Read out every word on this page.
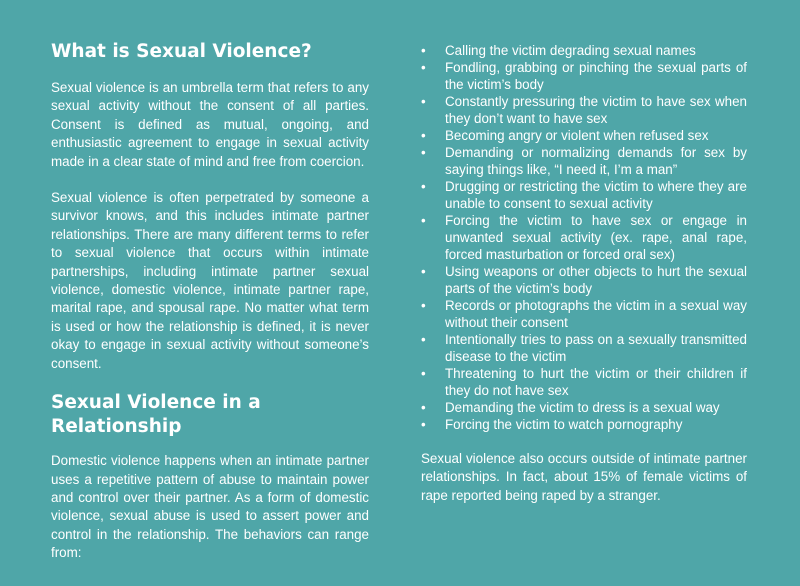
What is Sexual Violence?

Sexual violence is an umbrella term that refers to any sexual activity without the consent of all parties. Consent is defined as mutual, ongoing, and enthusiastic agreement to engage in sexual activity made in a clear state of mind and free from coercion.

Sexual violence is often perpetrated by someone a survivor knows, and this includes intimate partner relationships. There are many different terms to refer to sexual violence that occurs within intimate partnerships, including intimate partner sexual violence, domestic violence, intimate partner rape, marital rape, and spousal rape. No matter what term is used or how the relationship is defined, it is never okay to engage in sexual activity without someone’s consent.

Sexual Violence in a Relationship

Domestic violence happens when an intimate partner uses a repetitive pattern of abuse to maintain power and control over their partner. As a form of domestic violence, sexual abuse is used to assert power and control in the relationship. The behaviors can range from:

• Calling the victim degrading sexual names
• Fondling, grabbing or pinching the sexual parts of the victim’s body
• Constantly pressuring the victim to have sex when they don’t want to have sex
• Becoming angry or violent when refused sex
• Demanding or normalizing demands for sex by saying things like, “I need it, I’m a man”
• Drugging or restricting the victim to where they are unable to consent to sexual activity
• Forcing the victim to have sex or engage in unwanted sexual activity (ex. rape, anal rape, forced masturbation or forced oral sex)
• Using weapons or other objects to hurt the sexual parts of the victim’s body
• Records or photographs the victim in a sexual way without their consent
• Intentionally tries to pass on a sexually transmitted disease to the victim
• Threatening to hurt the victim or their children if they do not have sex
• Demanding the victim to dress is a sexual way
• Forcing the victim to watch pornography

Sexual violence also occurs outside of intimate partner relationships. In fact, about 15% of female victims of rape reported being raped by a stranger.
